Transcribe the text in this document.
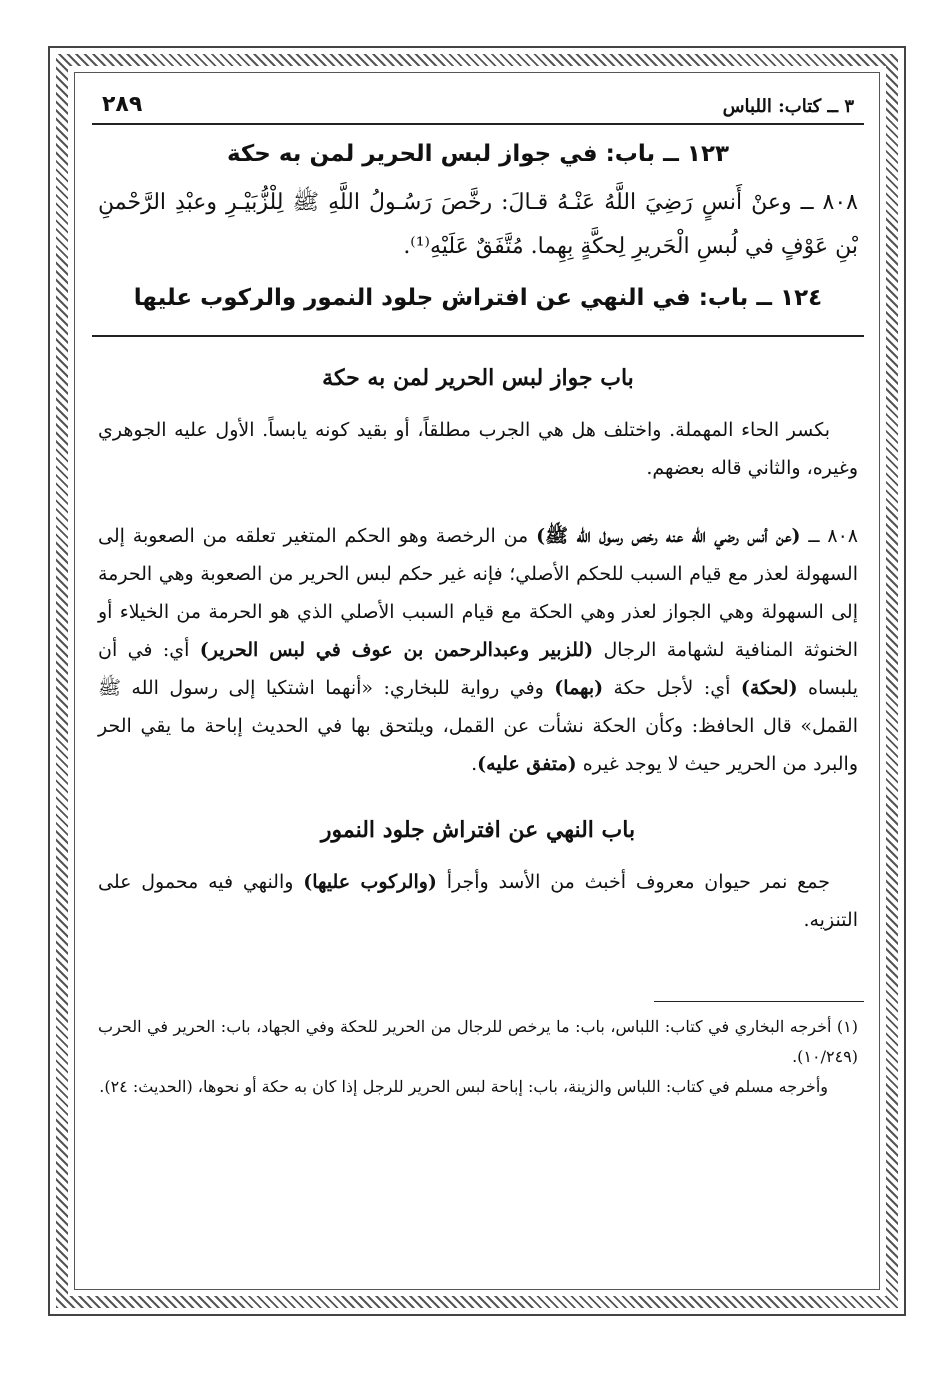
٣ ــ كتاب: اللباس
٢٨٩
١٢٣ ــ باب: في جواز لبس الحرير لمن به حكة
٨٠٨ ــ وعنْ أَنسٍ رَضِيَ اللَّهُ عَنْـهُ قـالَ: رخَّصَ رَسُـولُ اللَّهِ ﷺ لِلْزُّبَيْـرِ وعبْدِ الرَّحْمنِ بْنِ عَوْفٍ في لُبسِ الْحَريرِ لِحكَّةٍ بِهِما. مُتَّفَقٌ عَلَيْهِ⁽¹⁾.
١٢٤ ــ باب: في النهي عن افتراش جلود النمور والركوب عليها
باب جواز لبس الحرير لمن به حكة

بكسر الحاء المهملة. واختلف هل هي الجرب مطلقاً، أو بقيد كونه يابساً. الأول عليه الجوهري وغيره، والثاني قاله بعضهم.

٨٠٨ ــ (عن أنس رضي الله عنه رخص رسول الله ﷺ) من الرخصة وهو الحكم المتغير تعلقه من الصعوبة إلى السهولة لعذر مع قيام السبب للحكم الأصلي؛ فإنه غير حكم لبس الحرير من الصعوبة وهي الحرمة إلى السهولة وهي الجواز لعذر وهي الحكة مع قيام السبب الأصلي الذي هو الحرمة من الخيلاء أو الخنوثة المنافية لشهامة الرجال (للزبير وعبدالرحمن بن عوف في لبس الحرير) أي: في أن يلبساه (لحكة) أي: لأجل حكة (بهما) وفي رواية للبخاري: «أنهما اشتكيا إلى رسول الله ﷺ القمل» قال الحافظ: وكأن الحكة نشأت عن القمل، ويلتحق بها في الحديث إباحة ما يقي الحر والبرد من الحرير حيث لا يوجد غيره (متفق عليه).

باب النهي عن افتراش جلود النمور

جمع نمر حيوان معروف أخبث من الأسد وأجرأ (والركوب عليها) والنهي فيه محمول على التنزيه.

(١) أخرجه البخاري في كتاب: اللباس، باب: ما يرخص للرجال من الحرير للحكة وفي الجهاد، باب: الحرير في الحرب (١٠/٢٤٩).
وأخرجه مسلم في كتاب: اللباس والزينة، باب: إباحة لبس الحرير للرجل إذا كان به حكة أو نحوها، (الحديث: ٢٤).
